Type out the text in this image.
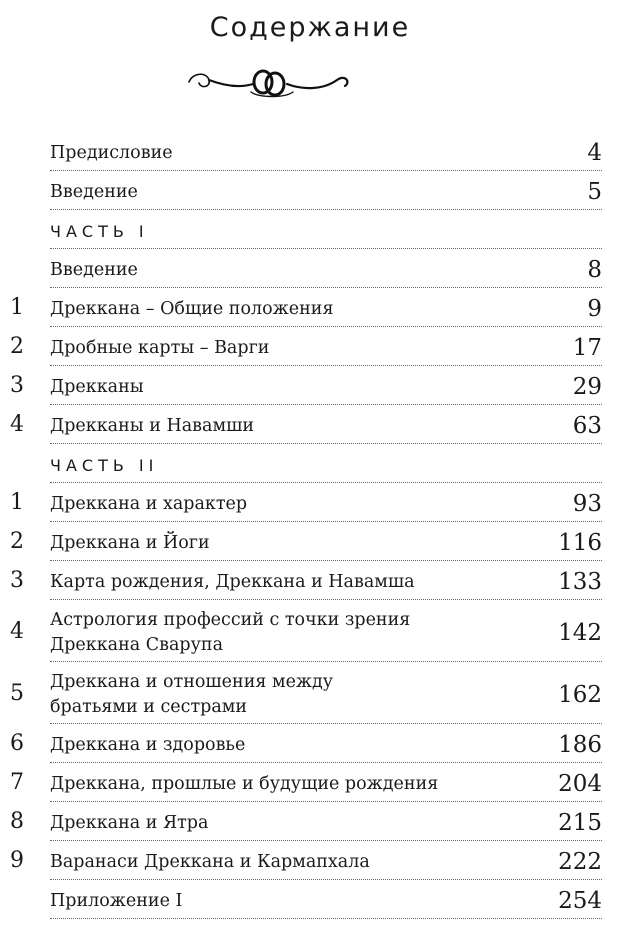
Содержание
Предисловие	4
Введение	5
ЧАСТЬ I
Введение	8
1	Дреккана – Общие положения	9
2	Дробные карты – Варги	17
3	Дрекканы	29
4	Дрекканы и Навамши	63
ЧАСТЬ II
1	Дреккана и характер	93
2	Дреккана и Йоги	116
3	Карта рождения, Дреккана и Навамша	133
4	Астрология профессий с точки зрения
Дреккана Сварупа	142
5	Дреккана и отношения между
братьями и сестрами	162
6	Дреккана и здоровье	186
7	Дреккана, прошлые и будущие рождения	204
8	Дреккана и Ятра	215
9	Варанаси Дреккана и Кармапхала	222
Приложение I	254
